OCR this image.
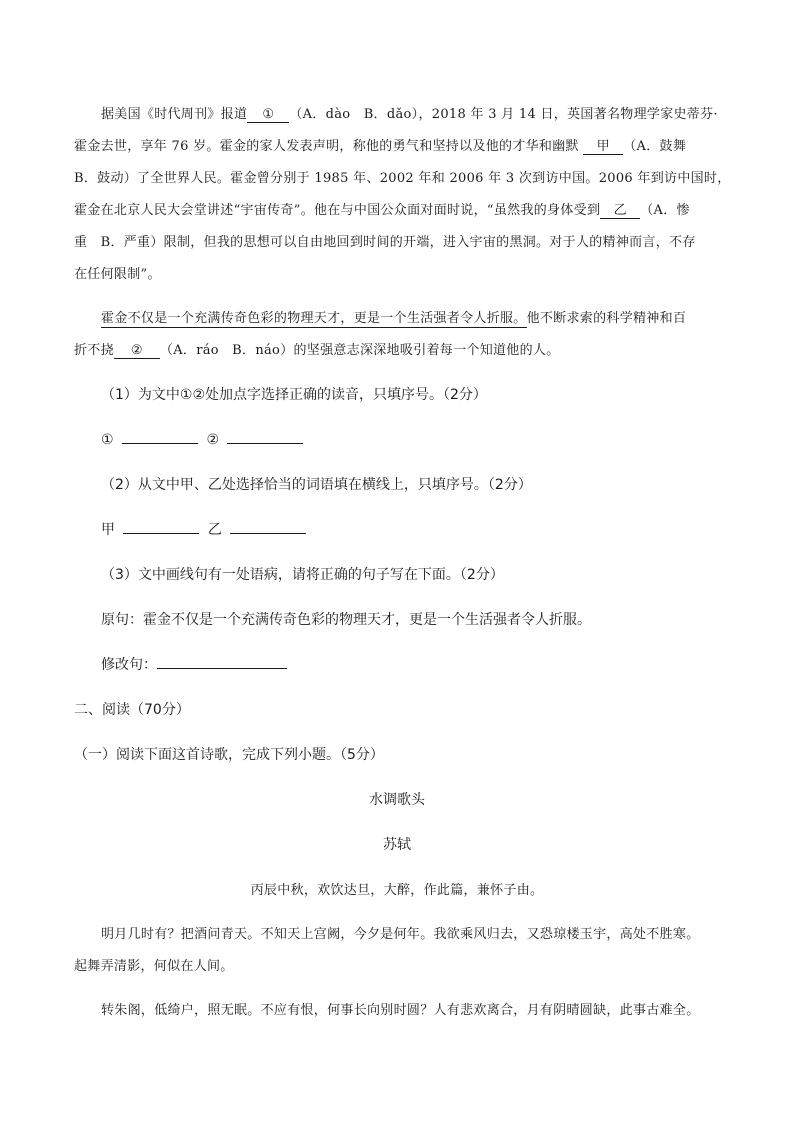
据美国《时代周刊》报道 ① （A．dào　B．dǎo），2018 年 3 月 14 日，英国著名物理学家史蒂芬·
霍金去世，享年 76 岁。霍金的家人发表声明，称他的勇气和坚持以及他的才华和幽默 甲 （A．鼓舞
B．鼓动）了全世界人民。霍金曾分别于 1985 年、2002 年和 2006 年 3 次到访中国。2006 年到访中国时，
霍金在北京人民大会堂讲述“宇宙传奇”。他在与中国公众面对面时说，“虽然我的身体受到 乙 （A．惨
重　B．严重）限制，但我的思想可以自由地回到时间的开端，进入宇宙的黑洞。对于人的精神而言，不存
在任何限制”。
霍金不仅是一个充满传奇色彩的物理天才，更是一个生活强者令人折服。他不断求索的科学精神和百
折不挠 ② （A．ráo　B．náo）的坚强意志深深地吸引着每一个知道他的人。
（1）为文中①②处加点字选择正确的读音，只填序号。（2分）
①	②
（2）从文中甲、乙处选择恰当的词语填在横线上，只填序号。（2分）
甲	乙
（3）文中画线句有一处语病，请将正确的句子写在下面。（2分）
原句：霍金不仅是一个充满传奇色彩的物理天才，更是一个生活强者令人折服。
修改句：
二、阅读（70分）
（一）阅读下面这首诗歌，完成下列小题。（5分）
水调歌头
苏轼
丙辰中秋，欢饮达旦，大醉，作此篇，兼怀子由。
明月几时有？把酒问青天。不知天上宫阙，今夕是何年。我欲乘风归去，又恐琼楼玉宇，高处不胜寒。
起舞弄清影，何似在人间。
转朱阁，低绮户，照无眠。不应有恨，何事长向别时圆？人有悲欢离合，月有阴晴圆缺，此事古难全。
